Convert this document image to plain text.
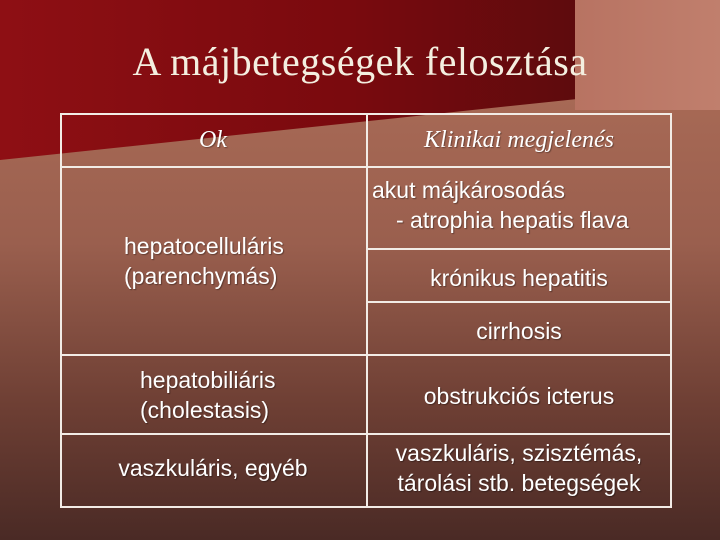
A májbetegségek felosztása
Ok	Klinikai megjelenés
hepatocelluláris
(parenchymás)
akut májkárosodás
- atrophia hepatis flava
krónikus hepatitis
cirrhosis
hepatobiliáris
(cholestasis)
obstrukciós icterus
vaszkuláris, egyéb
vaszkuláris, szisztémás,
tárolási stb. betegségek
